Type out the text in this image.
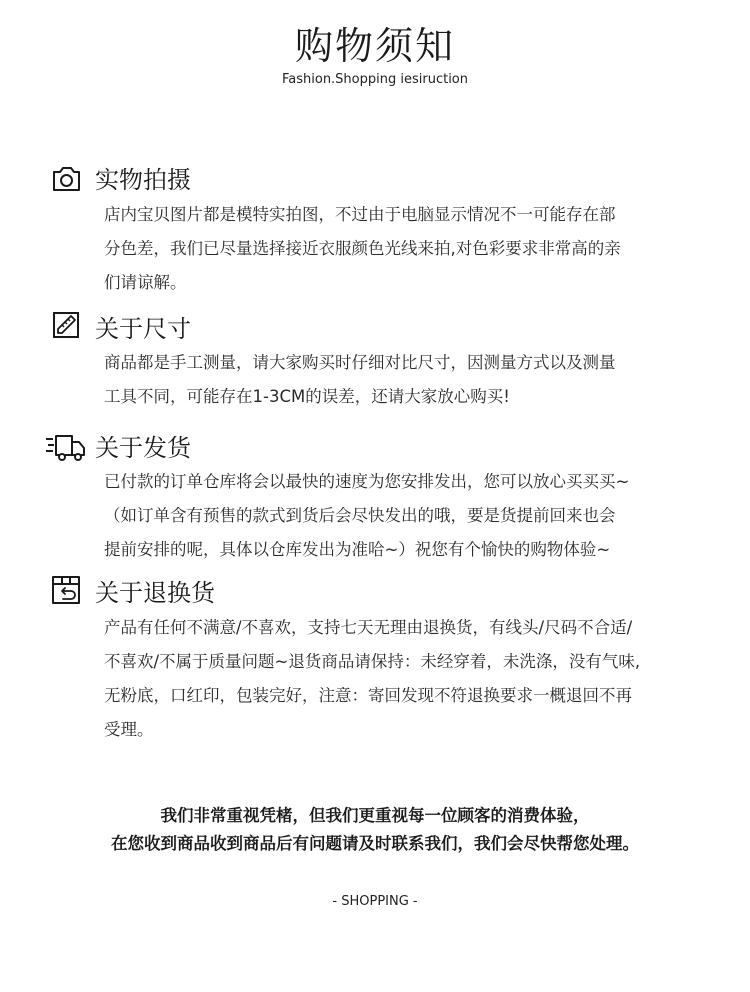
购物须知
Fashion.Shopping iesiruction
实物拍摄
店内宝贝图片都是模特实拍图，不过由于电脑显示情况不一可能存在部
分色差，我们已尽量选择接近衣服颜色光线来拍,对色彩要求非常高的亲
们请谅解。
关于尺寸
商品都是手工测量，请大家购买时仔细对比尺寸，因测量方式以及测量
工具不同，可能存在1-3CM的误差，还请大家放心购买!
关于发货
已付款的订单仓库将会以最快的速度为您安排发出，您可以放心买买买~
（如订单含有预售的款式到货后会尽快发出的哦，要是货提前回来也会
提前安排的呢，具体以仓库发出为准哈~）祝您有个愉快的购物体验~
关于退换货
产品有任何不满意/不喜欢，支持七天无理由退换货，有线头/尺码不合适/
不喜欢/不属于质量问题~退货商品请保持：未经穿着，未洗涤，没有气味,
无粉底，口红印，包装完好，注意：寄回发现不符退换要求一概退回不再
受理。
我们非常重视凭楮，但我们更重视每一位顾客的消费体验，
在您收到商品收到商品后有问题请及时联系我们，我们会尽快帮您处理。
- SHOPPING -
